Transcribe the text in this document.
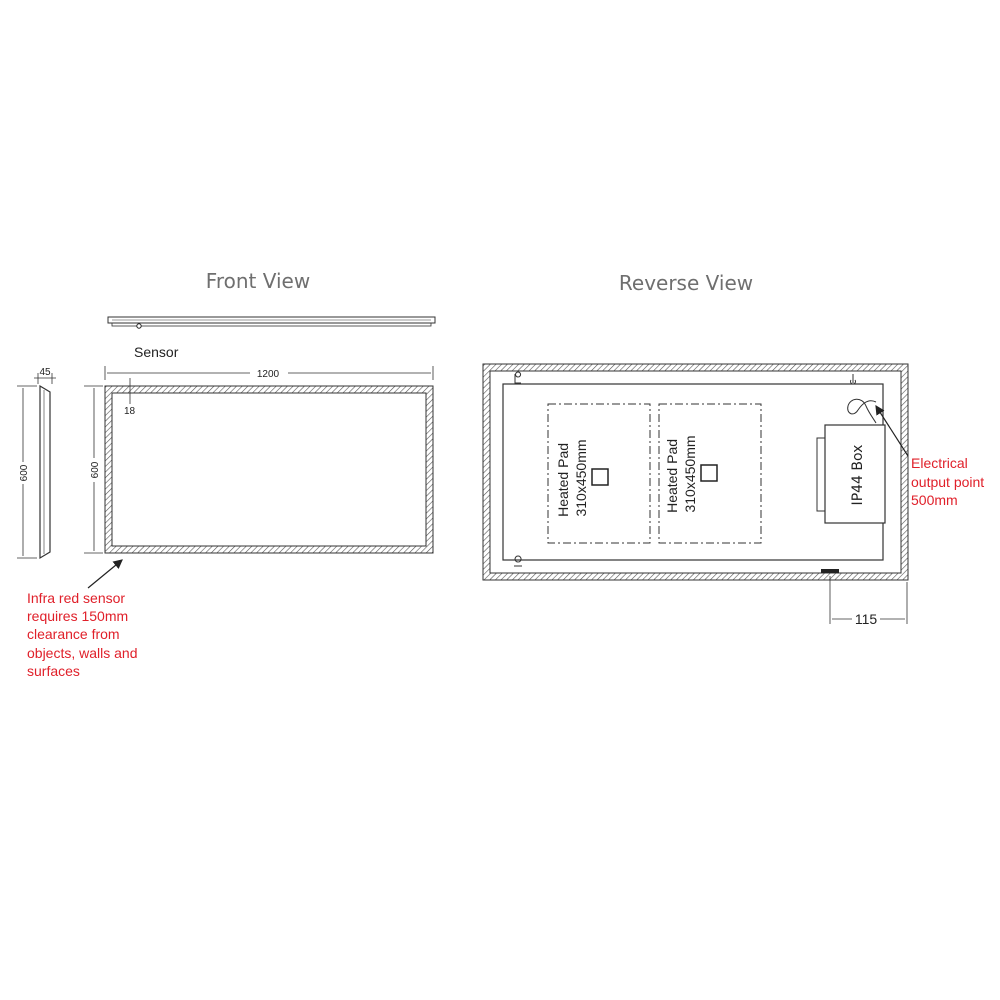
Front View
Sensor
1200
45
600
18
600
Infra red sensor requires 150mm clearance from objects, walls and surfaces
Reverse View
Heated Pad 310x450mm	Heated Pad 310x450mm	IP44 Box	Electrical output point 500mm
115
